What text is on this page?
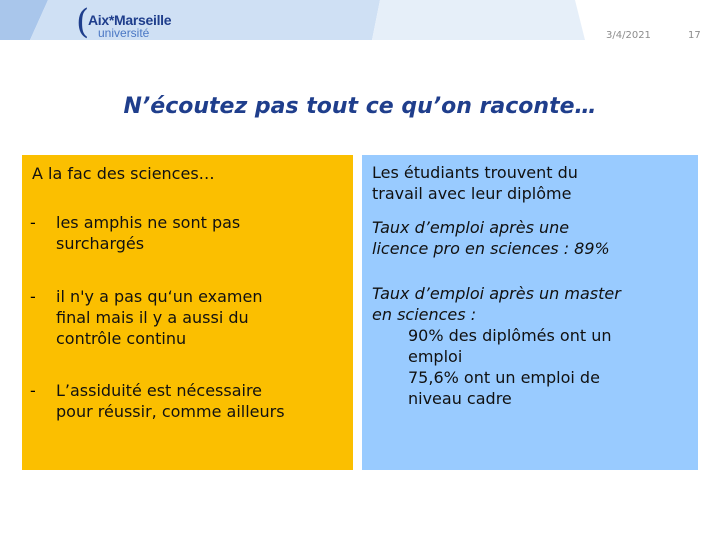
(
Aix*Marseille
université	3/4/2021	17
N’écoutez pas tout ce qu’on raconte…
A la fac des sciences…
- les amphis ne sont pas
surchargés
- il n'y a pas qu‘un examen
final mais il y a aussi du
contrôle continu
- L’assiduité est nécessaire
pour réussir, comme ailleurs
Les étudiants trouvent du
travail avec leur diplôme
Taux d’emploi après une
licence pro en sciences : 89%
Taux d’emploi après un master
en sciences :
90% des diplômés ont un
emploi
75,6% ont un emploi de
niveau cadre
